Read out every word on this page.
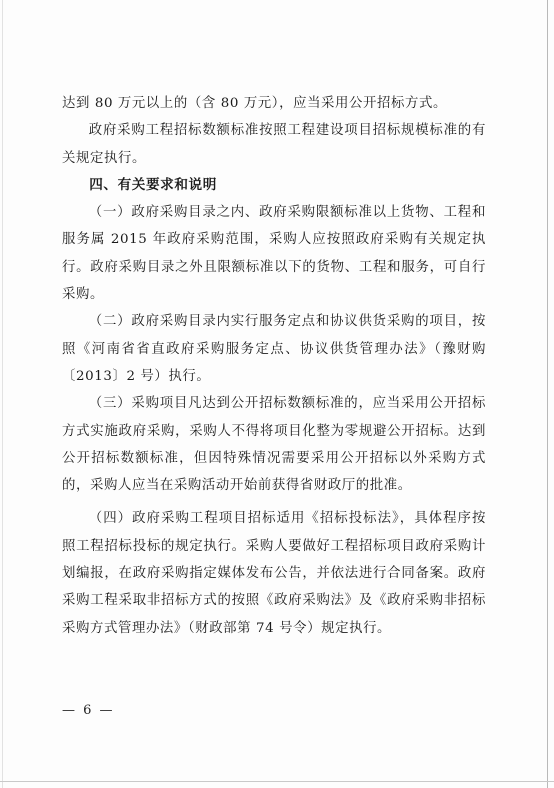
达到 80 万元以上的（含 80 万元），应当采用公开招标方式。

政府采购工程招标数额标准按照工程建设项目招标规模标准的有关规定执行。

四、有关要求和说明

（一）政府采购目录之内、政府采购限额标准以上货物、工程和服务属 2015 年政府采购范围，采购人应按照政府采购有关规定执行。政府采购目录之外且限额标准以下的货物、工程和服务，可自行采购。

（二）政府采购目录内实行服务定点和协议供货采购的项目，按照《河南省省直政府采购服务定点、协议供货管理办法》（豫财购〔2013〕2 号）执行。

（三）采购项目凡达到公开招标数额标准的，应当采用公开招标方式实施政府采购，采购人不得将项目化整为零规避公开招标。达到公开招标数额标准，但因特殊情况需要采用公开招标以外采购方式的，采购人应当在采购活动开始前获得省财政厅的批准。

（四）政府采购工程项目招标适用《招标投标法》，具体程序按照工程招标投标的规定执行。采购人要做好工程招标项目政府采购计划编报，在政府采购指定媒体发布公告，并依法进行合同备案。政府采购工程采取非招标方式的按照《政府采购法》及《政府采购非招标采购方式管理办法》（财政部第 74 号令）规定执行。

— 6 —
